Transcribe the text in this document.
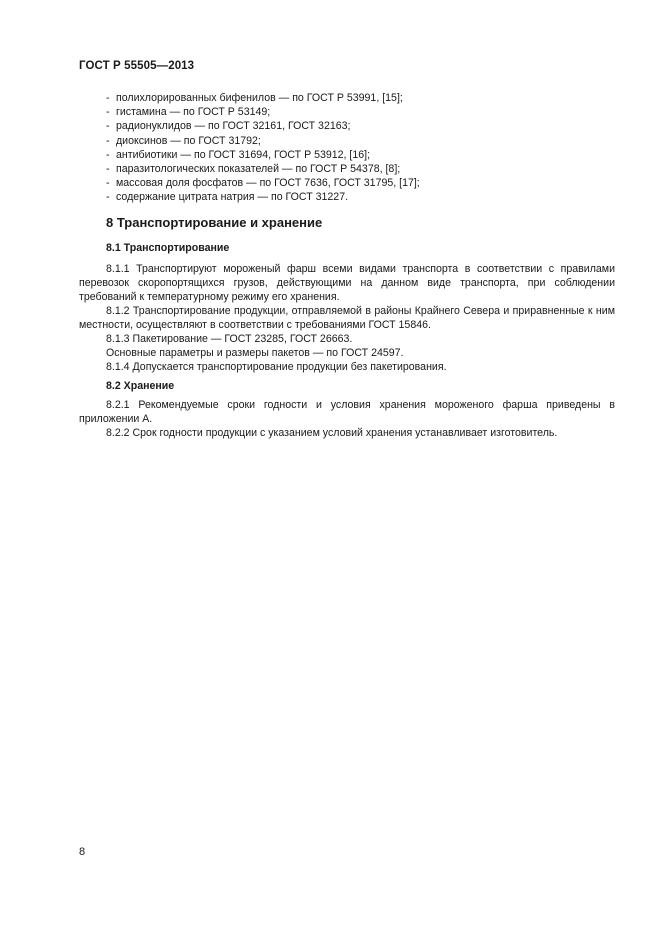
ГОСТ Р 55505—2013
- полихлорированных бифенилов — по ГОСТ Р 53991, [15];
- гистамина — по ГОСТ Р 53149;
- радионуклидов — по ГОСТ 32161, ГОСТ 32163;
- диоксинов — по ГОСТ 31792;
- антибиотики — по ГОСТ 31694, ГОСТ Р 53912, [16];
- паразитологических показателей — по ГОСТ Р 54378, [8];
- массовая доля фосфатов — по ГОСТ 7636, ГОСТ 31795, [17];
- содержание цитрата натрия — по ГОСТ 31227.
8 Транспортирование и хранение
8.1 Транспортирование

8.1.1 Транспортируют мороженый фарш всеми видами транспорта в соответствии с правилами перевозок скоропортящихся грузов, действующими на данном виде транспорта, при соблюдении требований к температурному режиму его хранения.

8.1.2 Транспортирование продукции, отправляемой в районы Крайнего Севера и приравненные к ним местности, осуществляют в соответствии с требованиями ГОСТ 15846.

8.1.3 Пакетирование — ГОСТ 23285, ГОСТ 26663.
Основные параметры и размеры пакетов — по ГОСТ 24597.
8.1.4 Допускается транспортирование продукции без пакетирования.
8.2 Хранение

8.2.1 Рекомендуемые сроки годности и условия хранения мороженого фарша приведены в приложении А.

8.2.2 Срок годности продукции с указанием условий хранения устанавливает изготовитель.
8
